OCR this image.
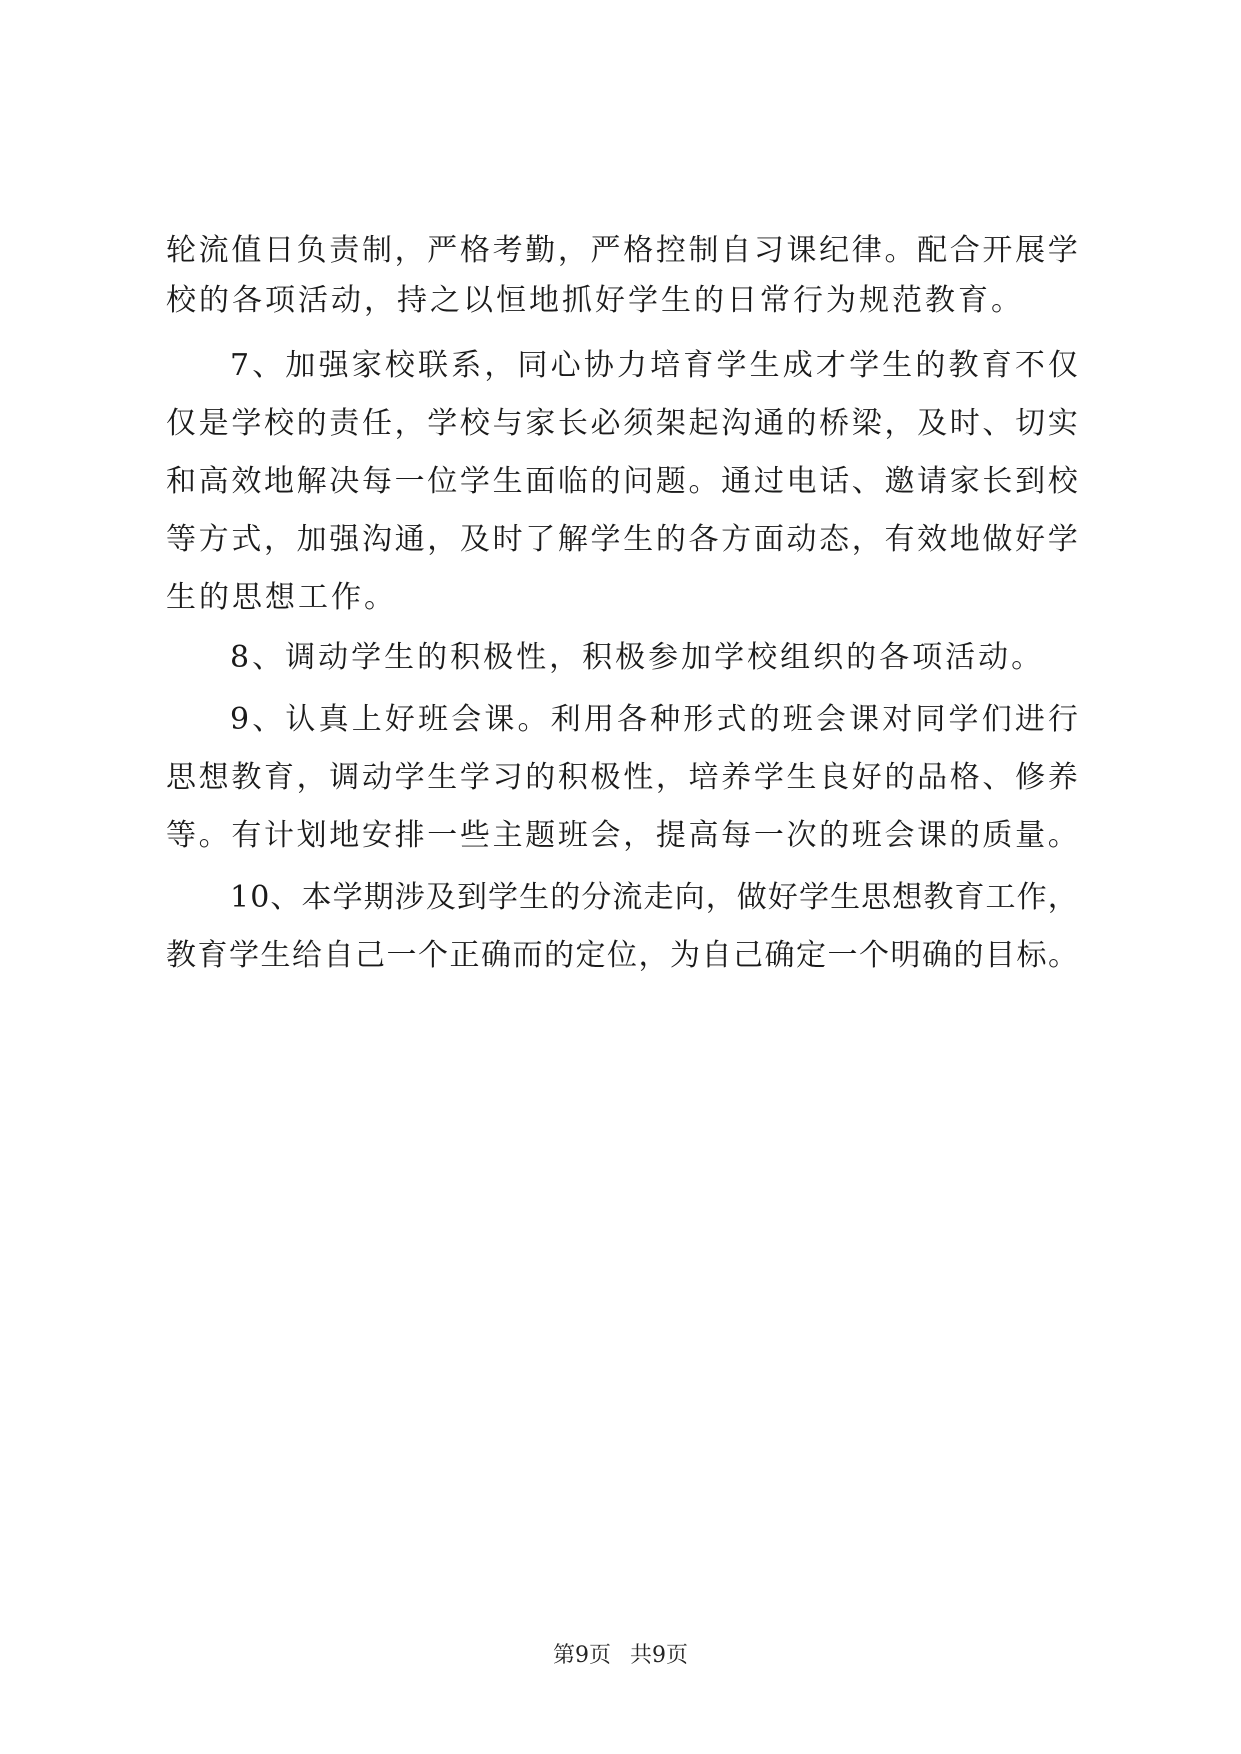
轮 流 值 日 负 责 制 ， 严 格 考 勤 ， 严 格 控 制 自 习 课 纪 律 。 配 合 开 展 学
校的各项活动，持之以恒地抓好学生的日常行为规范教育。
7 、 加 强 家 校 联 系 ， 同 心 协 力 培 育 学 生 成 才 学 生 的 教 育 不 仅
仅 是 学 校 的 责 任 ， 学 校 与 家 长 必 须 架 起 沟 通 的 桥 梁 ， 及 时 、 切 实
和 高 效 地 解 决 每 一 位 学 生 面 临 的 问 题 。 通 过 电 话 、 邀 请 家 长 到 校
等 方 式 ， 加 强 沟 通 ， 及 时 了 解 学 生 的 各 方 面 动 态 ， 有 效 地 做 好 学
生的思想工作。
8、调动学生的积极性，积极参加学校组织的各项活动。
9 、 认 真 上 好 班 会 课 。 利 用 各 种 形 式 的 班 会 课 对 同 学 们 进 行
思 想 教 育 ， 调 动 学 生 学 习 的 积 极 性 ， 培 养 学 生 良 好 的 品 格 、 修 养
等 。 有 计 划 地 安 排 一 些 主 题 班 会 ， 提 高 每 一 次 的 班 会 课 的 质 量 。
1 0 、 本 学 期 涉 及 到 学 生 的 分 流 走 向 ， 做 好 学 生 思 想 教 育 工 作 ，
教 育 学 生 给 自 己 一 个 正 确 而 的 定 位 ， 为 自 己 确 定 一 个 明 确 的 目 标 。
第9页 共9页
